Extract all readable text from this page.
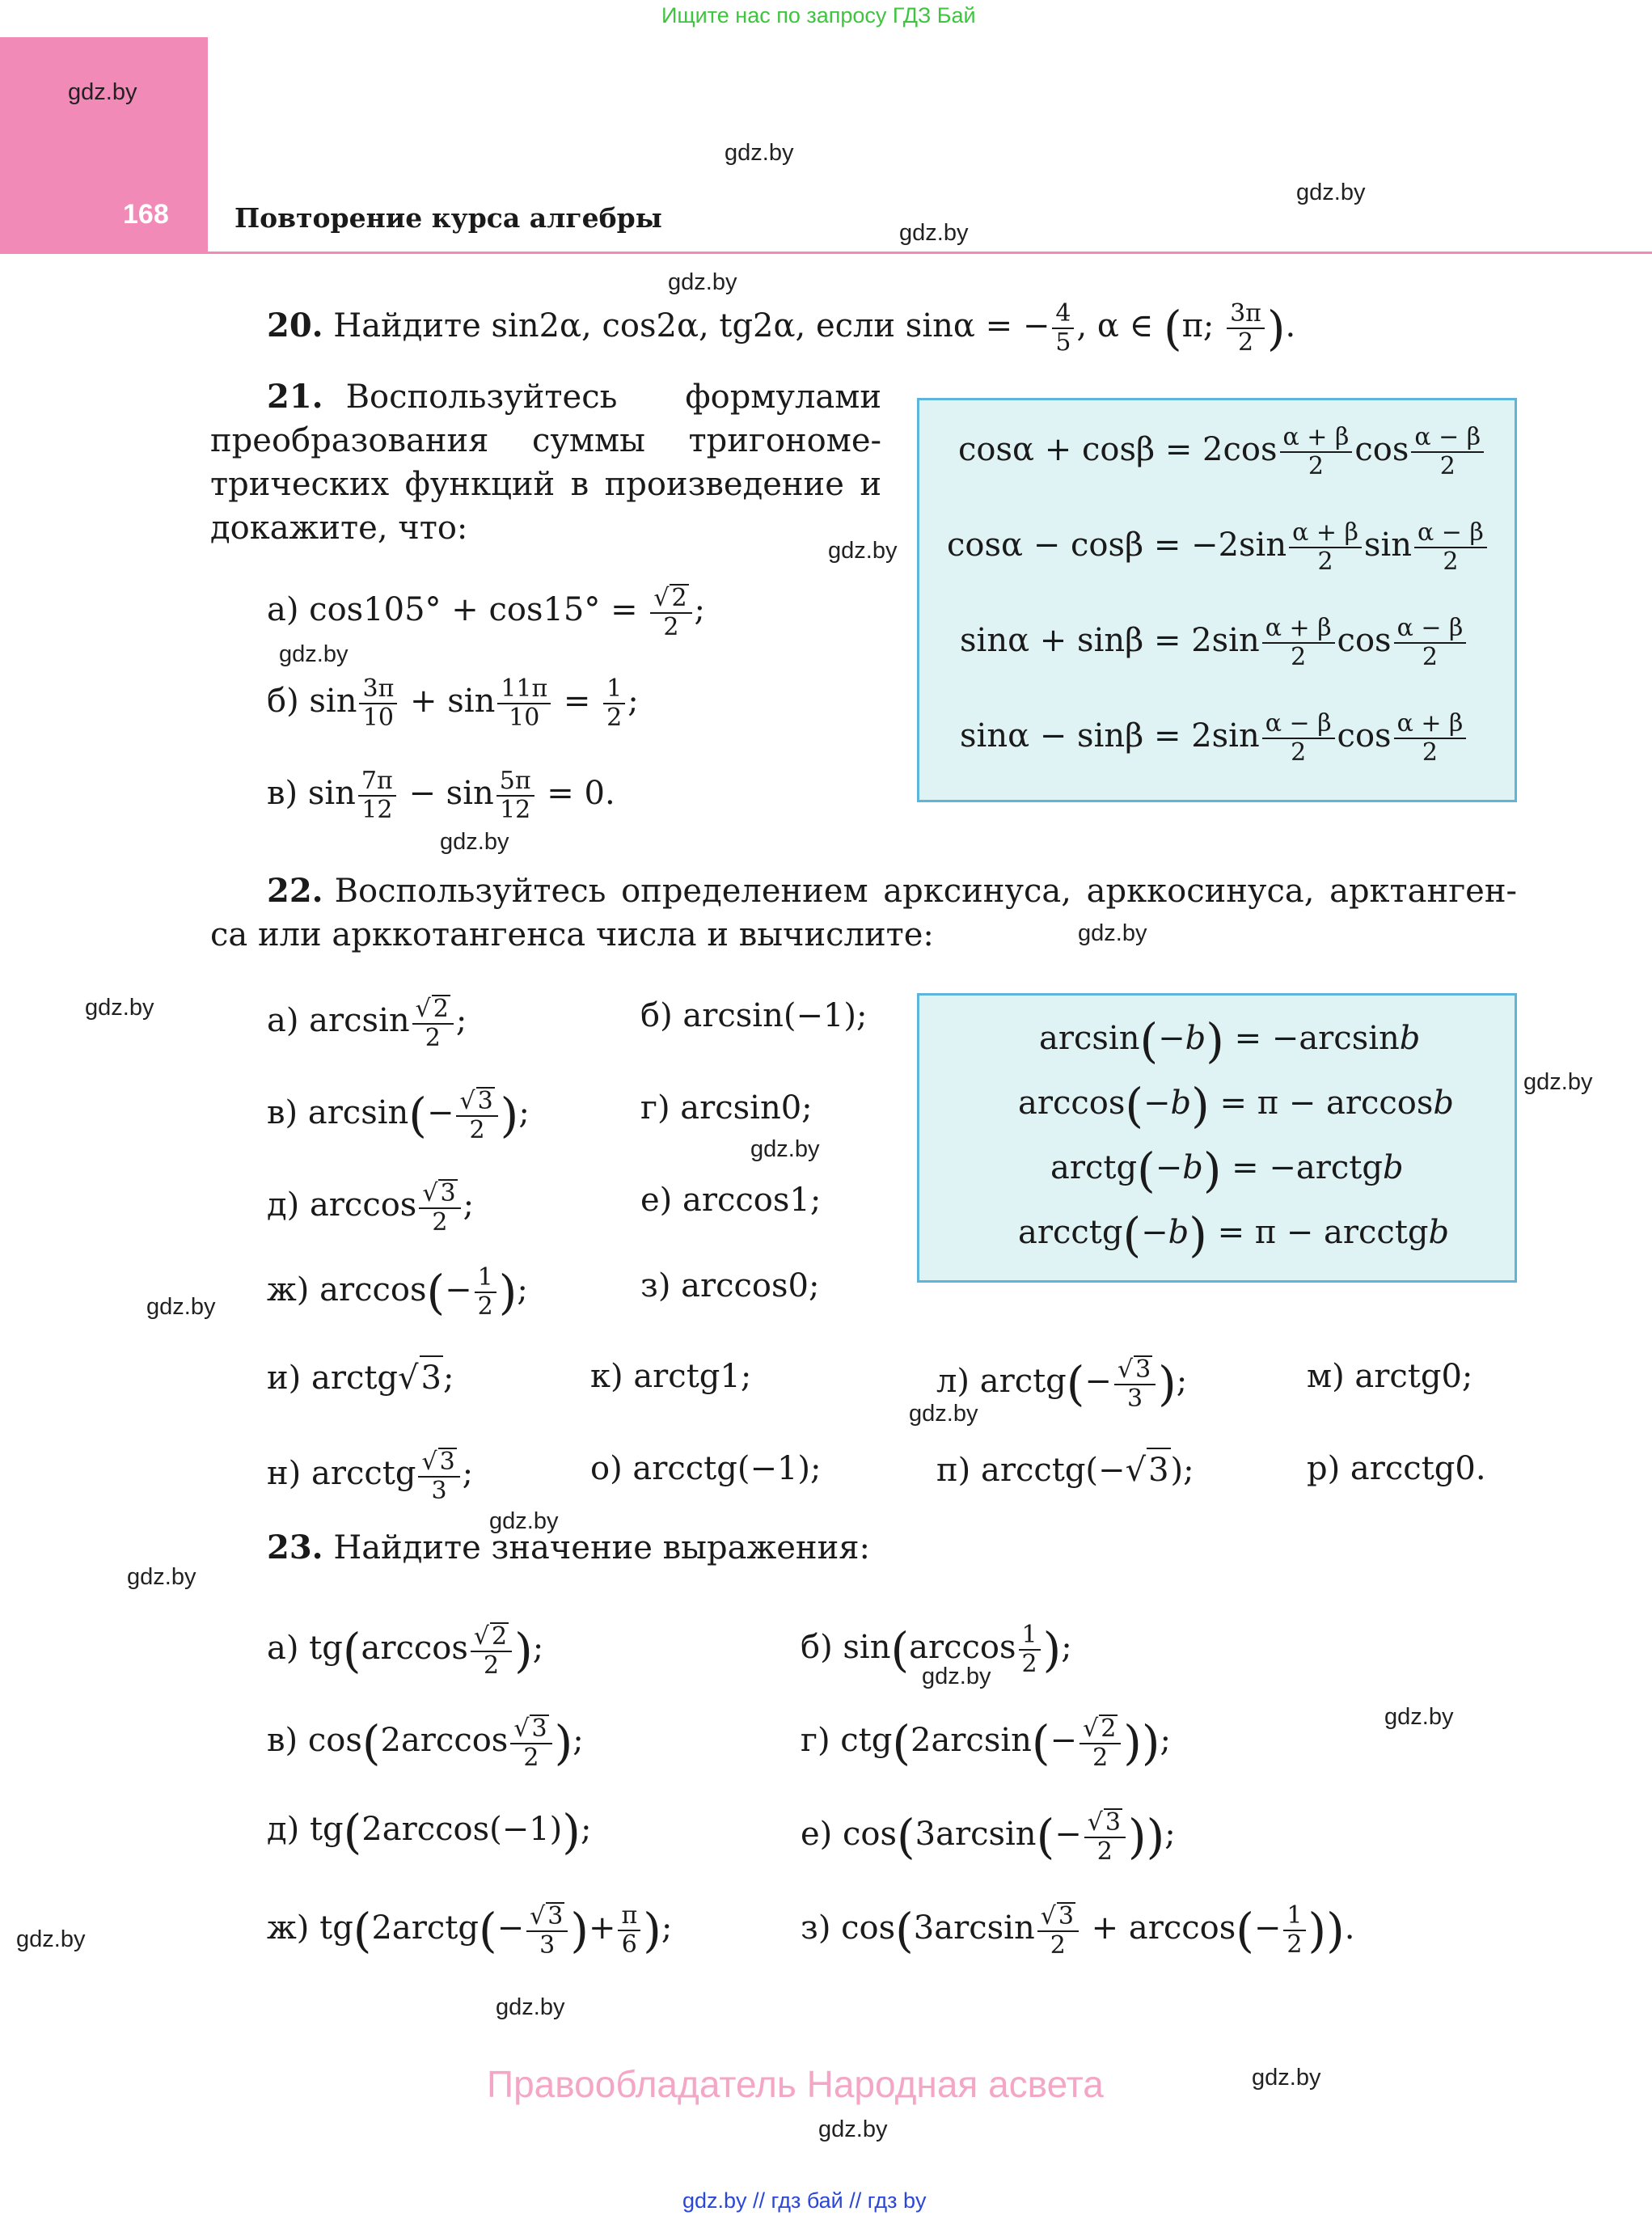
Ищите нас по запросу ГДЗ Бай
168 Повторение курса алгебры
gdz.by
gdz.by
gdz.by
gdz.by
gdz.by
gdz.by
gdz.by
gdz.by
gdz.by
gdz.by
gdz.by
gdz.by
gdz.by
gdz.by
gdz.by
gdz.by
gdz.by
gdz.by
gdz.by
gdz.by
gdz.by
gdz.by
20. Найдите sin2α, cos2α, tg2α, если sinα = − $\frac{4}{5}$ , α ∈ (π; $\frac{3\pi}{2}$ ).
21. Воспользуйтесь формулами
преобразования суммы тригономе-
трических функций в произведение и
докажите, что:
а) $\cos 105^\circ + \cos 15^\circ = \frac{√ 2}{2}$ ;
б) $\sin \frac{3\pi}{10} + \sin \frac{11\pi}{10} = \frac{1}{2}$ ;
в) $\sin \frac{7\pi}{12} - \sin \frac{5\pi}{12} = 0$.
$\cos\alpha + \cos\beta = 2\cos \frac{\alpha + \beta}{2}$ $\cos \frac{\alpha - \beta}{2}$
$\cos\alpha - \cos\beta = -2\sin \frac{\alpha + \beta}{2}$ $\sin \frac{\alpha - \beta}{2}$
$\sin\alpha + \sin\beta = 2\sin \frac{\alpha + \beta}{2}$ $\cos \frac{\alpha - \beta}{2}$
$\sin\alpha - \sin\beta = 2\sin \frac{\alpha - \beta}{2}$ $\cos \frac{\alpha + \beta}{2}$
22. Воспользуйтесь определением арксинуса, арккосинуса, арктанген-
са или арккотангенса числа и вычислите:
а) $\arcsin \frac{√ 2}{2}$ ;	б) arcsin(−1);
в) $\arcsin(- \frac{√ 3}{2}$ );	г) arcsin0;
д) $\arccos \frac{√ 3}{2}$ ;	е) arccos1;
ж) $\arccos(- \frac{1}{2}$ );	з) arccos0;
arcsin(−b) = −arcsinb
arccos(−b) = π − arccosb
arctg(−b) = −arctgb
arcctg(−b) = π − arcctgb
и) arctg√3;	к) arctg1;	л) arctg(− $\frac{√ 3}{3}$ );	м) arctg0;
н) arcctg $\frac{√ 3}{3}$ ;	о) arcctg(−1);	п) arcctg(−√3);	р) arcctg0.
23. Найдите значение выражения:
а) $tg(\arccos \frac{√ 2}{2}$ );	б) $\sin(\arccos \frac{1}{2}$ );
в) $\cos(2\arccos \frac{√ 3}{2}$ );	г) $ctg(2\arcsin(- \frac{√ 2}{2}$ ));
д) tg(2arccos(−1));	е) $\cos(3\arcsin(- \frac{√ 3}{2}$ ));
ж) tg(2arctg(− $\frac{√ 3}{3}$ )+ $\frac{\pi}{6}$ );	з) $\cos(3\arcsin \frac{√ 3}{2} + \arccos(- \frac{1}{2}$ )).
Правообладатель Народная асвета
gdz.by // гдз бай // гдз by
